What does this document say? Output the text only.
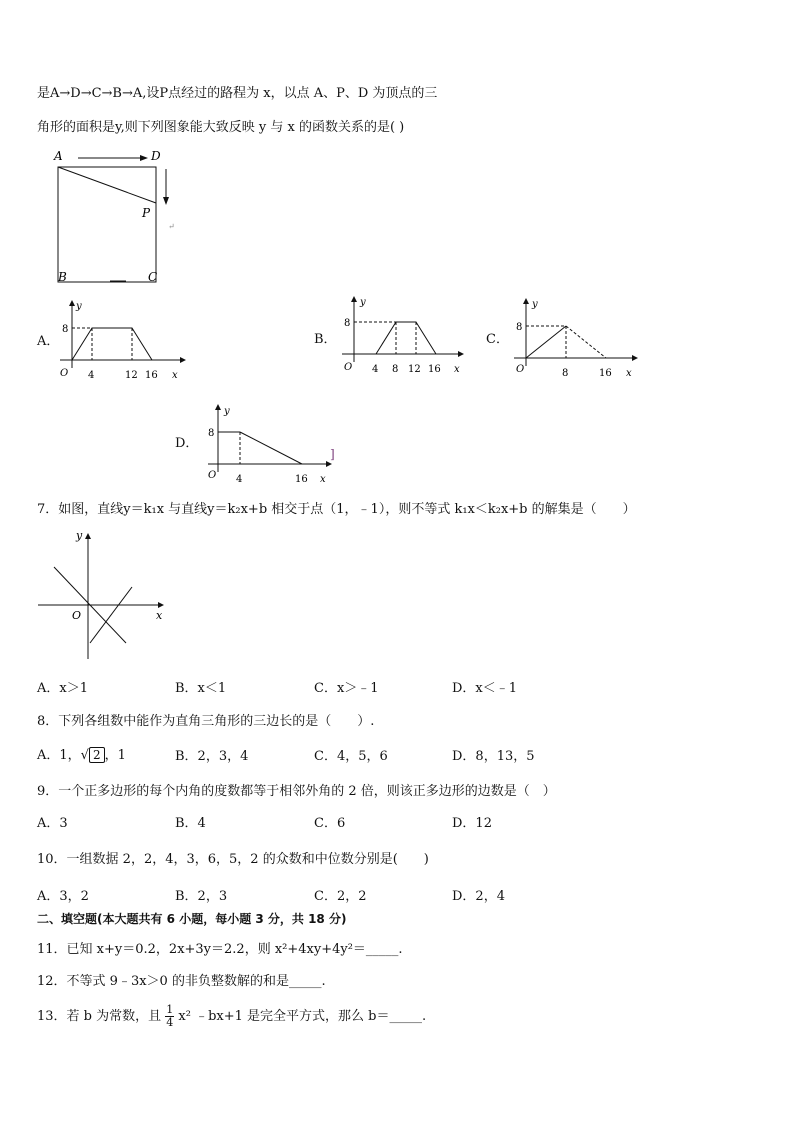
是A→D→C→B→A,设P点经过的路程为 x，以点 A、P、D 为顶点的三
角形的面积是y,则下列图象能大致反映 y 与 x 的函数关系的是( )
A	D
P
B	C
↵
A．
y
8
O 4	12 16 x
B．
y
8
O 4 8 12 16 x
C．
y
8
O	8	16 x
D．
y
8
O 4	16 x
]
7．如图，直线y＝k₁x 与直线y＝k₂x+b 相交于点（1，﹣1），则不等式 k₁x＜k₂x+b 的解集是（　　）
y
x
O
A．x＞1	B．x＜1	C．x＞﹣1	D．x＜﹣1
8．下列各组数中能作为直角三角形的三边长的是（　　）.
A．1，√ 2 ，1	B．2，3，4	C．4，5，6	D．8，13，5
9．一个正多边形的每个内角的度数都等于相邻外角的 2 倍，则该正多边形的边数是（　）
A．3	B．4	C．6	D．12
10．一组数据 2，2，4，3，6，5，2 的众数和中位数分别是(　　)
A．3，2	B．2，3	C．2，2	D．2，4
二、填空题(本大题共有 6 小题，每小题 3 分，共 18 分)
11．已知 x+y＝0.2，2x+3y＝2.2，则 x²+4xy+4y²＝_____.
12．不等式 9﹣3x＞0 的非负整数解的和是_____.
13．若 b 为常数，且 $\frac{1}{4} x^2$ ﹣bx+1 是完全平方式，那么 b＝_____.
